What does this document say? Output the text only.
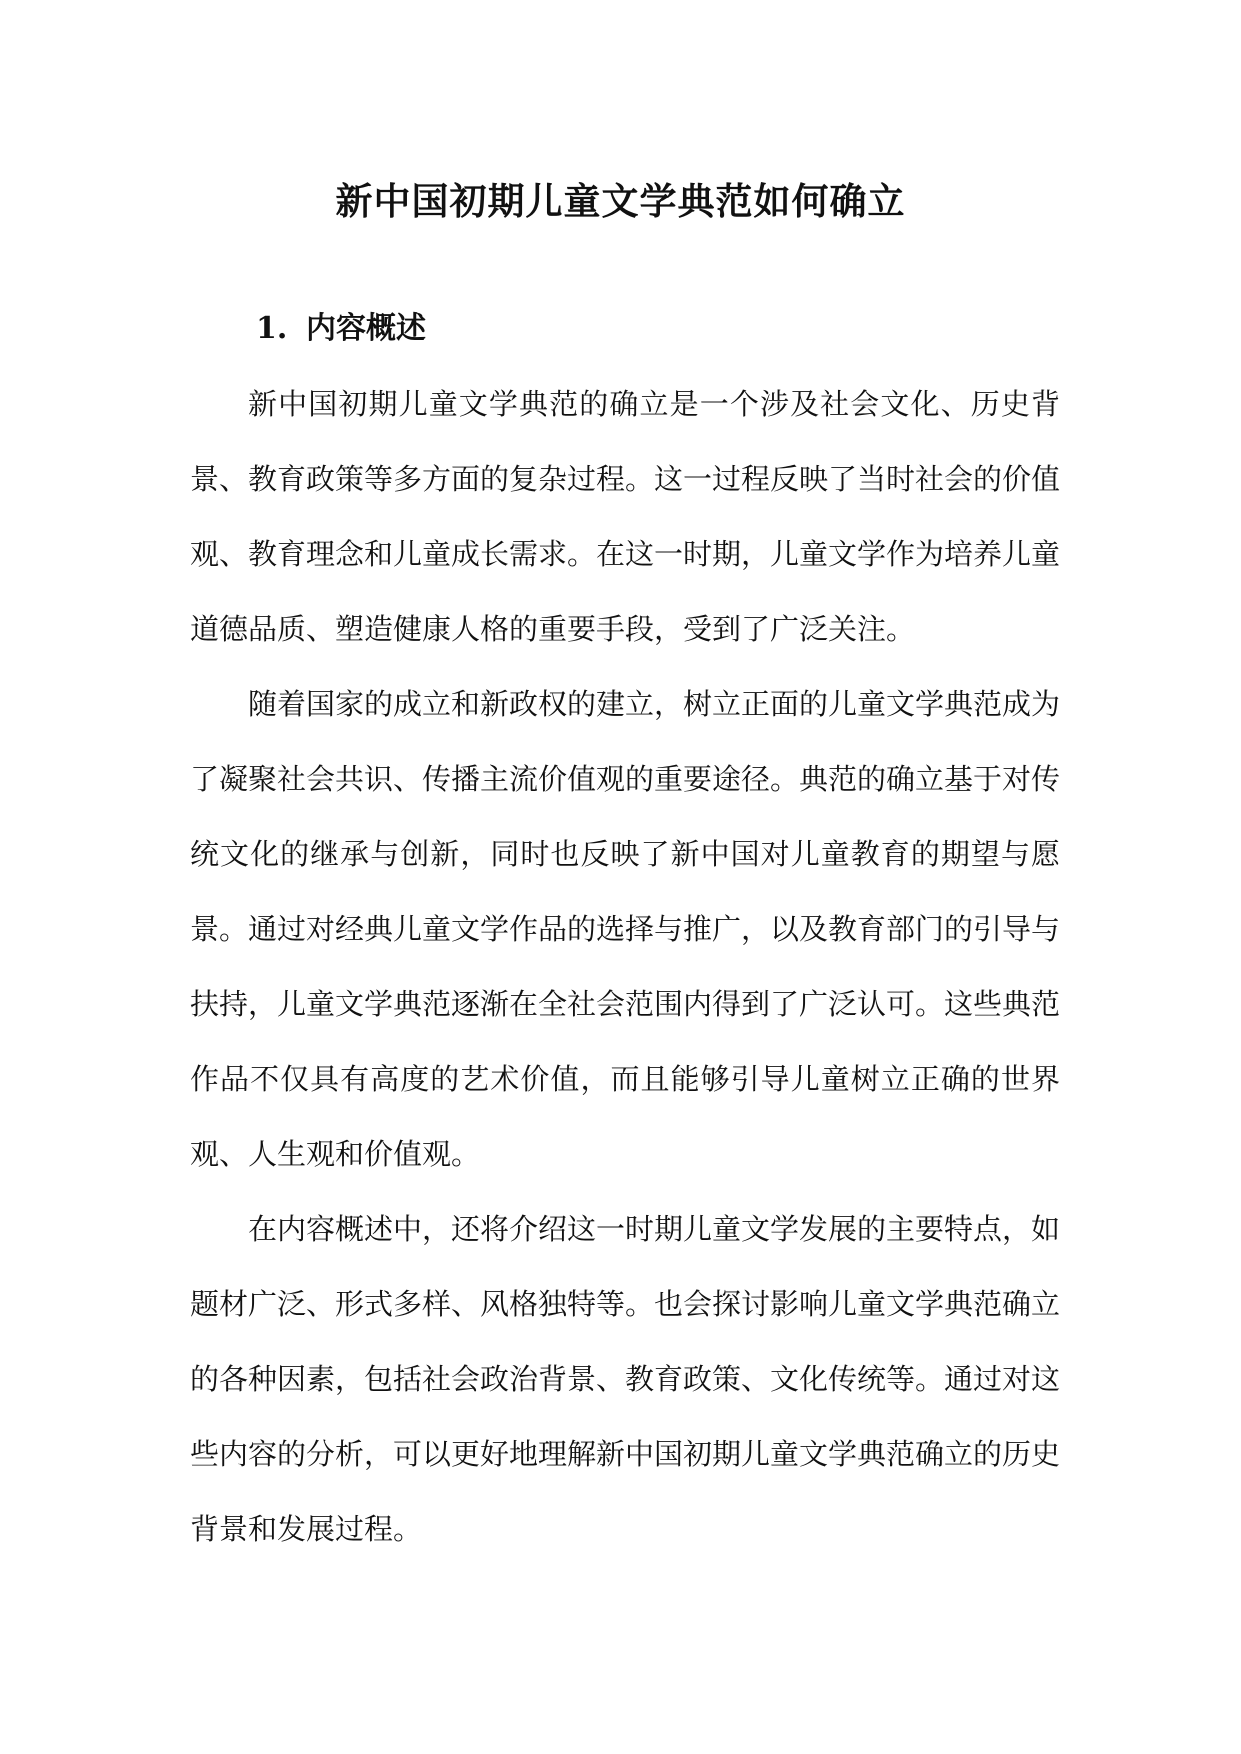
新中国初期儿童文学典范如何确立
1. 内容概述

新中国初期儿童文学典范的确立是一个涉及社会文化、历史背景、教育政策等多方面的复杂过程。这一过程反映了当时社会的价值观、教育理念和儿童成长需求。在这一时期，儿童文学作为培养儿童道德品质、塑造健康人格的重要手段，受到了广泛关注。

随着国家的成立和新政权的建立，树立正面的儿童文学典范成为了凝聚社会共识、传播主流价值观的重要途径。典范的确立基于对传统文化的继承与创新，同时也反映了新中国对儿童教育的期望与愿景。通过对经典儿童文学作品的选择与推广，以及教育部门的引导与扶持，儿童文学典范逐渐在全社会范围内得到了广泛认可。这些典范作品不仅具有高度的艺术价值，而且能够引导儿童树立正确的世界观、人生观和价值观。

在内容概述中，还将介绍这一时期儿童文学发展的主要特点，如题材广泛、形式多样、风格独特等。也会探讨影响儿童文学典范确立的各种因素，包括社会政治背景、教育政策、文化传统等。通过对这些内容的分析，可以更好地理解新中国初期儿童文学典范确立的历史背景和发展过程。
